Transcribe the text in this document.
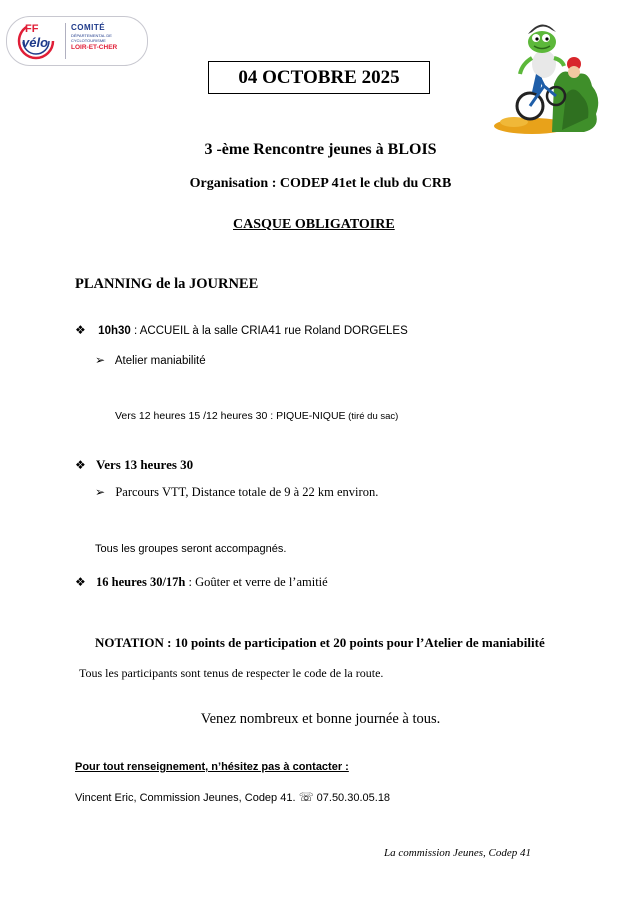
FF
vélo
COMITÉ
DÉPARTEMENTAL DE CYCLOTOURISME
LOIR-ET-CHER
04 OCTOBRE 2025
3 -ème Rencontre jeunes à BLOIS
Organisation : CODEP 41et le club du CRB
CASQUE OBLIGATOIRE
PLANNING de la JOURNEE
❖ 10h30 : ACCUEIL à la salle CRIA41 rue Roland DORGELES
➢ Atelier maniabilité
Vers 12 heures 15 /12 heures 30 : PIQUE-NIQUE (tiré du sac)
❖ Vers 13 heures 30
➢ Parcours VTT, Distance totale de 9 à 22 km environ.
Tous les groupes seront accompagnés.
❖ 16 heures 30/17h : Goûter et verre de l’amitié
NOTATION : 10 points de participation et 20 points pour l’Atelier de maniabilité
Tous les participants sont tenus de respecter le code de la route.
Venez nombreux et bonne journée à tous.
Pour tout renseignement, n’hésitez pas à contacter :
Vincent Eric, Commission Jeunes, Codep 41. ☏ 07.50.30.05.18
La commission Jeunes, Codep 41
